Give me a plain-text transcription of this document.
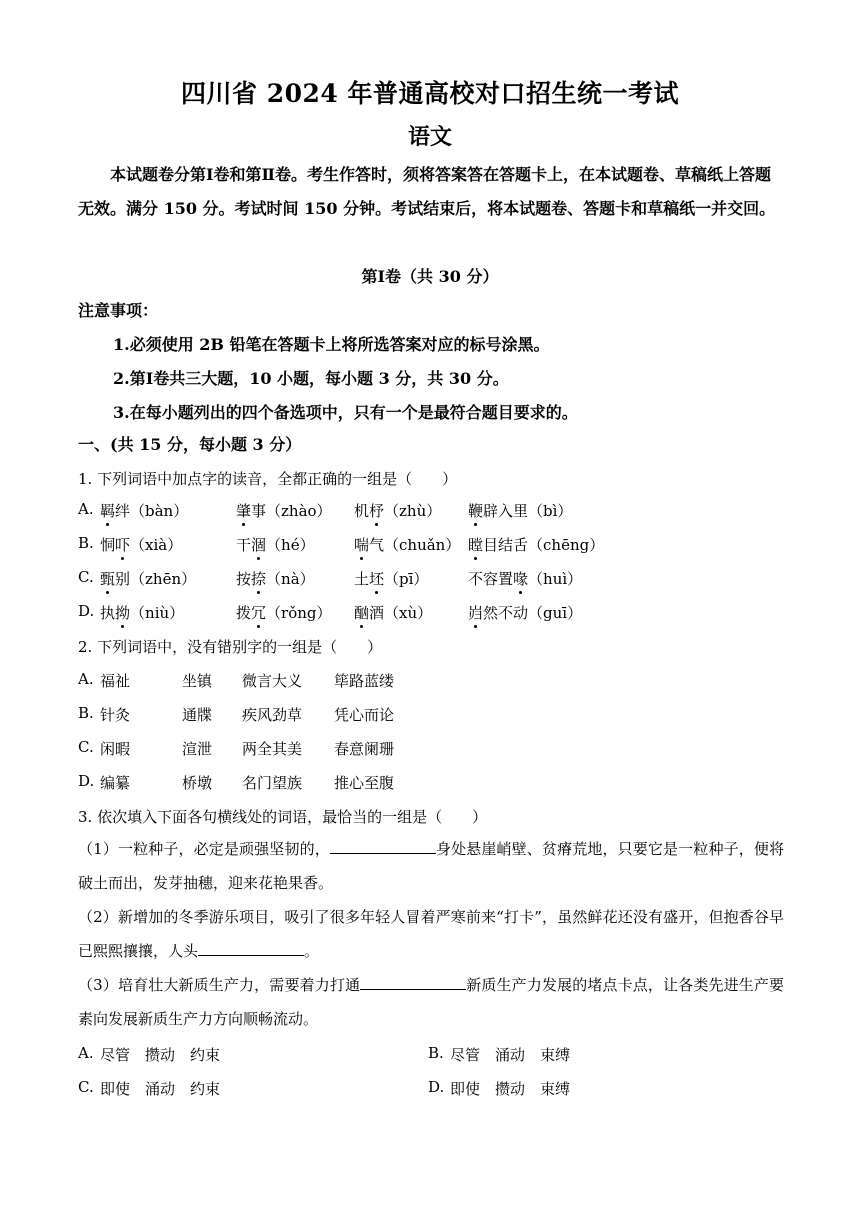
四川省 2024 年普通高校对口招生统一考试
语文

本试题卷分第Ⅰ卷和第Ⅱ卷。考生作答时，须将答案答在答题卡上，在本试题卷、草稿纸上答题无效。满分 150 分。考试时间 150 分钟。考试结束后，将本试题卷、答题卡和草稿纸一并交回。

第Ⅰ卷（共 30 分）
注意事项：
1.必须使用 2B 铅笔在答题卡上将所选答案对应的标号涂黑。
2.第Ⅰ卷共三大题，10 小题，每小题 3 分，共 30 分。
3.在每小题列出的四个备选项中，只有一个是最符合题目要求的。
一、(共 15 分，每小题 3 分）
1. 下列词语中加点字的读音，全都正确的一组是（　　）
A. 羁绊（bàn）	肇事（zhào） 机杼（zhù） 鞭辟入里（bì）
B. 恫吓（xià）	干涸（hé）	喘气（chuǎn） 瞠目结舌（chēng）
C. 甄别（zhēn）	按捺（nà）	土坯（pī）	不容置喙（huì）
D. 执拗（niù）	拨冗（rǒng） 酗酒（xù） 岿然不动（guī）
2. 下列词语中，没有错别字的一组是（　　）
A. 福祉	坐镇 微言大义 筚路蓝缕
B. 针灸	通牒 疾风劲草 凭心而论
C. 闲暇	渲泄 两全其美 春意阑珊
D. 编纂	桥墩 名门望族 推心至腹
3. 依次填入下面各句横线处的词语，最恰当的一组是（　　）

（1）一粒种子，必定是顽强坚韧的，	身处悬崖峭壁、贫瘠荒地，只要它是一粒种子，便将破土而出，发芽抽穗，迎来花艳果香。

（2）新增加的冬季游乐项目，吸引了很多年轻人冒着严寒前来“打卡”，虽然鲜花还没有盛开，但抱香谷早已熙熙攘攘，人头	。

（3）培育壮大新质生产力，需要着力打通	新质生产力发展的堵点卡点，让各类先进生产要素向发展新质生产力方向顺畅流动。

A. 尽管　攒动　约束	B. 尽管　涌动　束缚
C. 即使　涌动　约束	D. 即使　攒动　束缚
